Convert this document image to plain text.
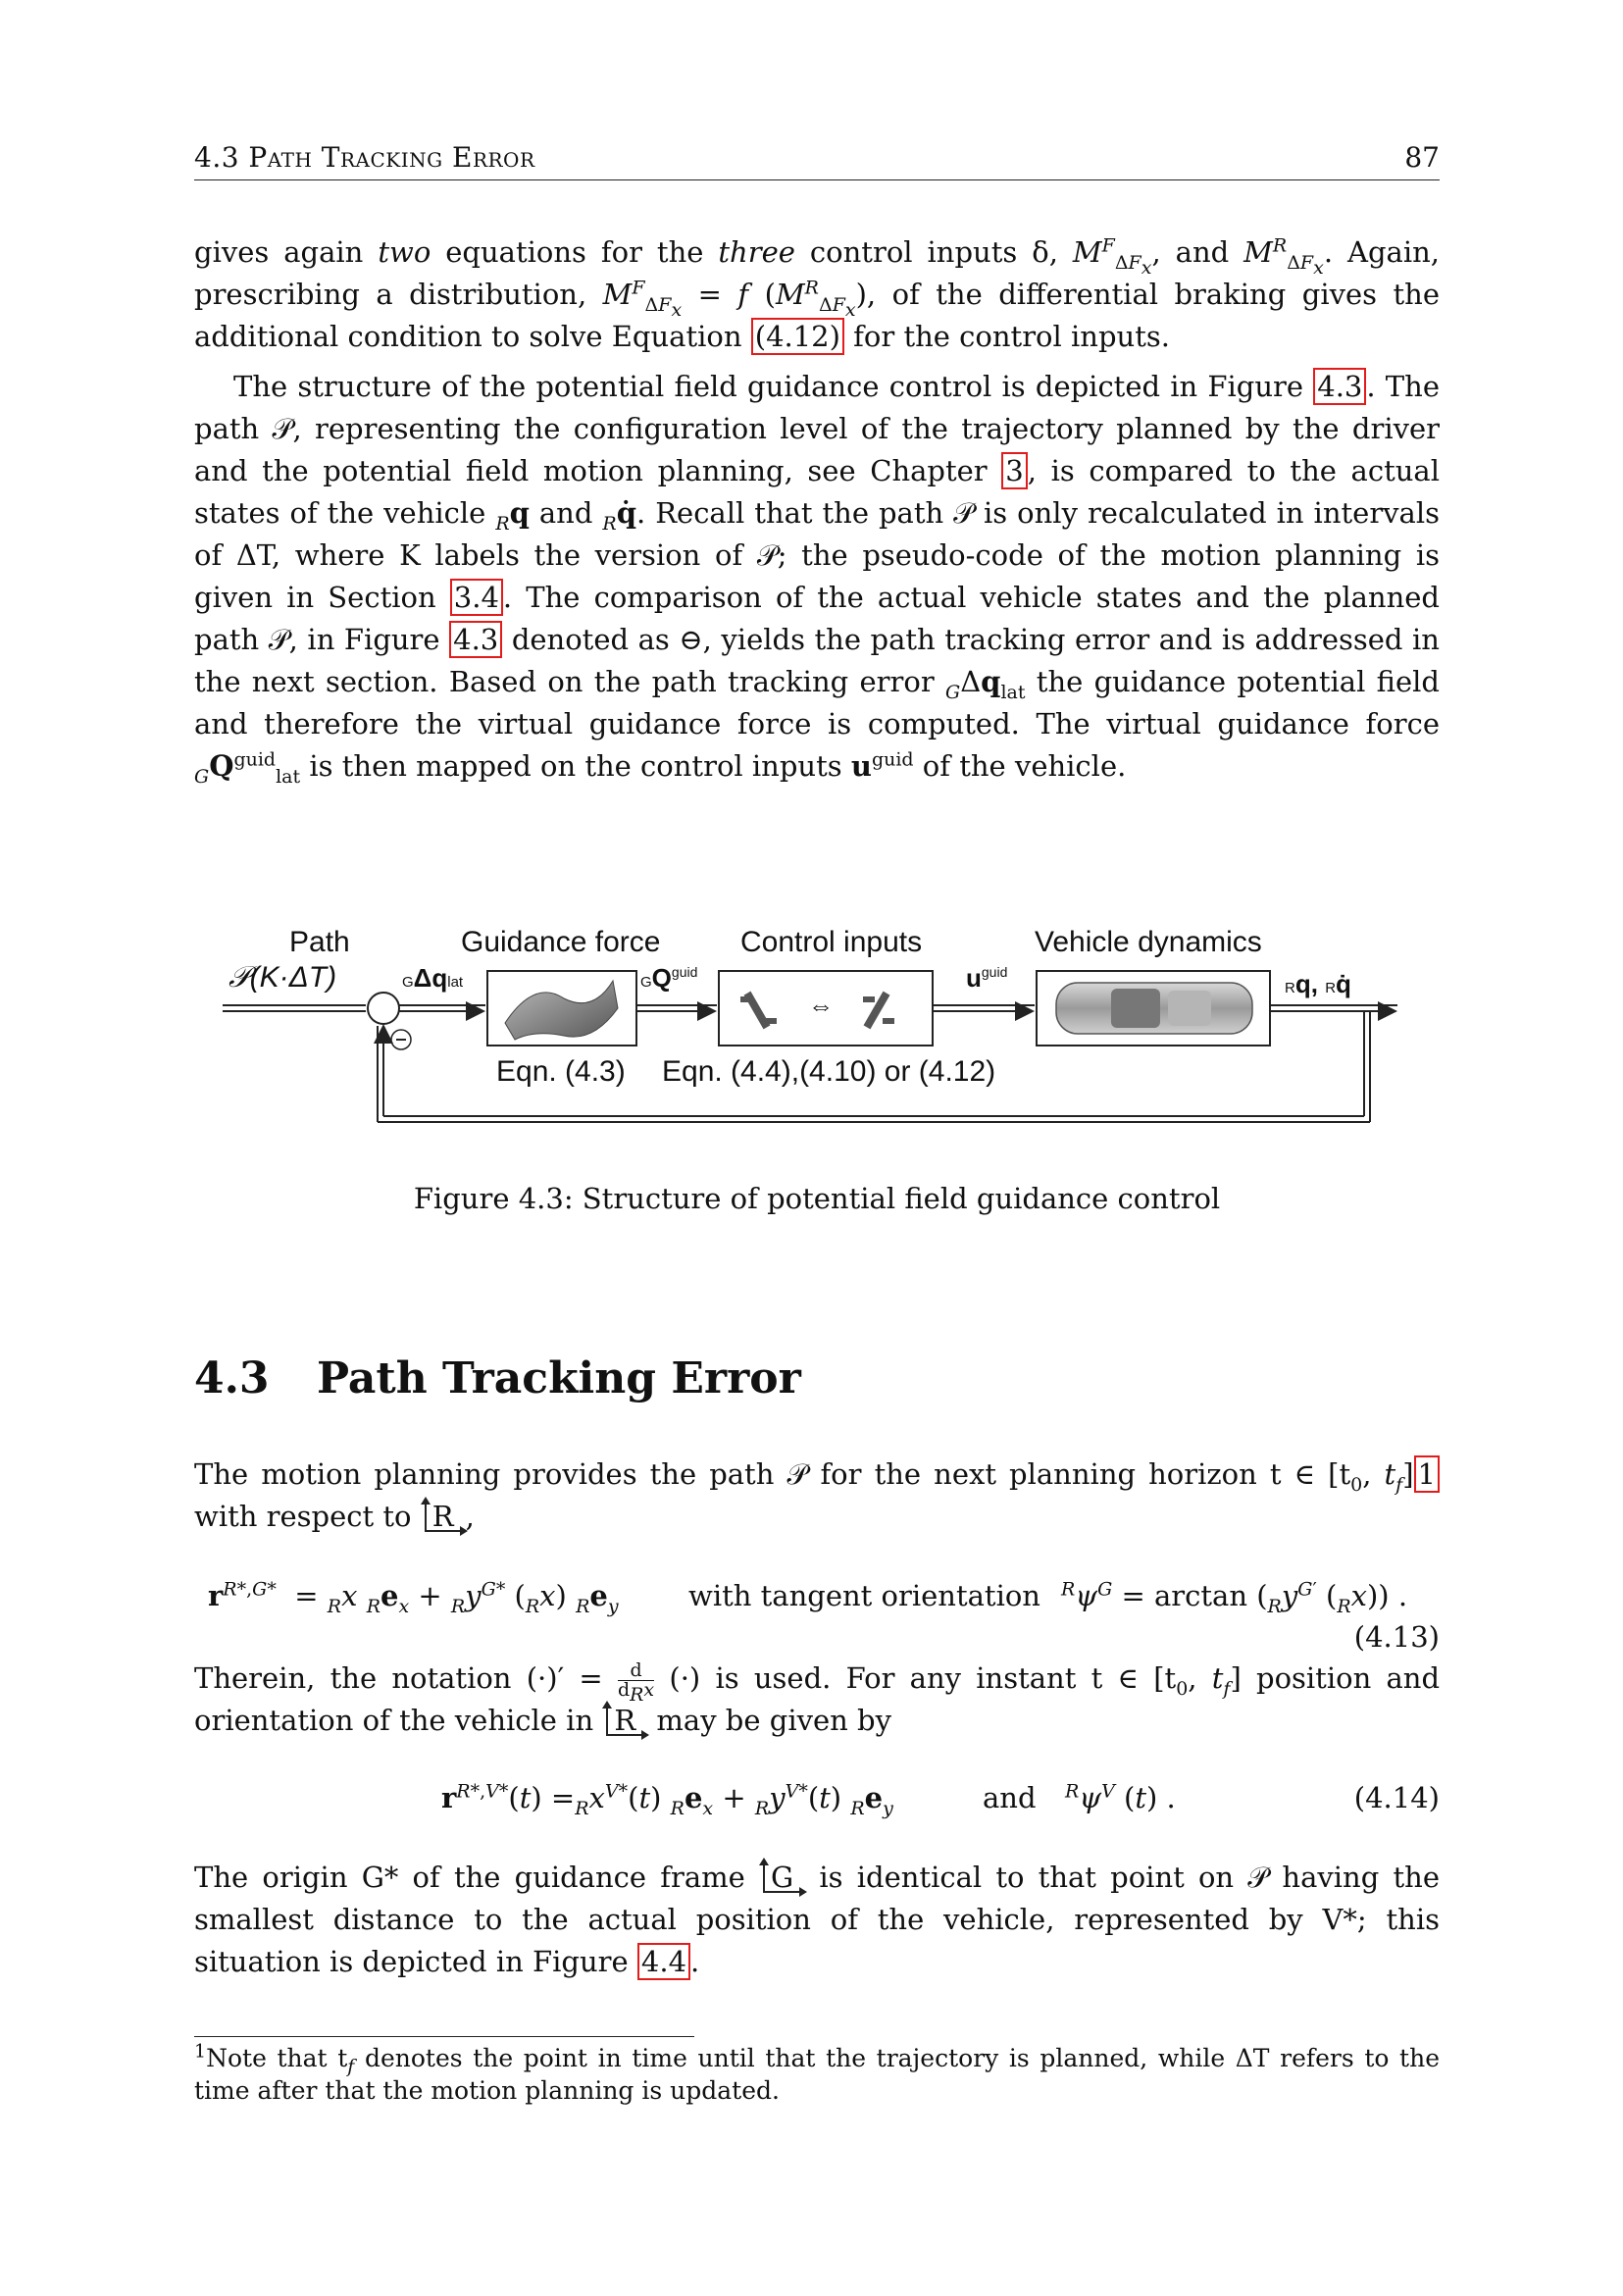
4.3 Path Tracking Error	87

gives again two equations for the three control inputs δ, $M^F_{\Delta F_x}$, and $M^R_{\Delta F_x}$. Again, prescribing a distribution, $M^F_{\Delta F_x} = f$ $(M^R_{\Delta F_x})$, of the differential braking gives the additional condition to solve Equation (4.12) for the control inputs.

The structure of the potential field guidance control is depicted in Figure 4.3 . The path 𝒫, representing the configuration level of the trajectory planned by the driver and the potential field motion planning, see Chapter 3 , is compared to the actual states of the vehicle $_R$q and $_R$q̇. Recall that the path 𝒫 is only recalculated in intervals of ΔT, where K labels the version of 𝒫; the pseudo-code of the motion planning is given in Section 3.4 . The comparison of the actual vehicle states and the planned path 𝒫, in Figure 4.3 denoted as ⊖, yields the path tracking error and is addressed in the next section. Based on the path tracking error $_G\Delta q_{lat}$ the guidance potential field and therefore the virtual guidance force is computed. The virtual guidance force $_GQ^{guid}_{lat}$ is then mapped on the control inputs $u^{guid}$ of the vehicle.

Path
𝒫(K·ΔT)
Guidance force	Control inputs	Vehicle dynamics
GΔqlat	$GQ^{guid}$	$u^{guid}$
Rq, Rq̇
⇔
Eqn. (4.3) Eqn. (4.4),(4.10) or (4.12)
Figure 4.3: Structure of potential field guidance control
4.3 Path Tracking Error

The motion planning provides the path 𝒫 for the next planning horizon t ∈ [$t_0$, $t_f$] 1 with respect to R ,

$r^{R*,G*} = _Rx$ $_Re_x + _Ry^{G*}$ $(_Rx)$ $_Re_y$ with tangent orientation $^R\psi^G = \arctan (_Ry^{G'}$ $(_Rx)$) .
(4.13)

Therein, the notation (·)′ = $\frac{d}{d_Rx}$ (·) is used. For any instant t ∈ [$t_0$, $t_f$] position and orientation of the vehicle in R may be given by

$r^{R*,V*}(t) =_Rx^{V*}(t) _Re_x + _Ry^{V*}(t)$ $_Re_y$	and $^R\psi^V$ (t) .	(4.14)

The origin G* of the guidance frame G is identical to that point on 𝒫 having the smallest distance to the actual position of the vehicle, represented by V*; this situation is depicted in Figure 4.4 .

$^1$Note that $t_f$ denotes the point in time until that the trajectory is planned, while ΔT refers to the time after that the motion planning is updated.
